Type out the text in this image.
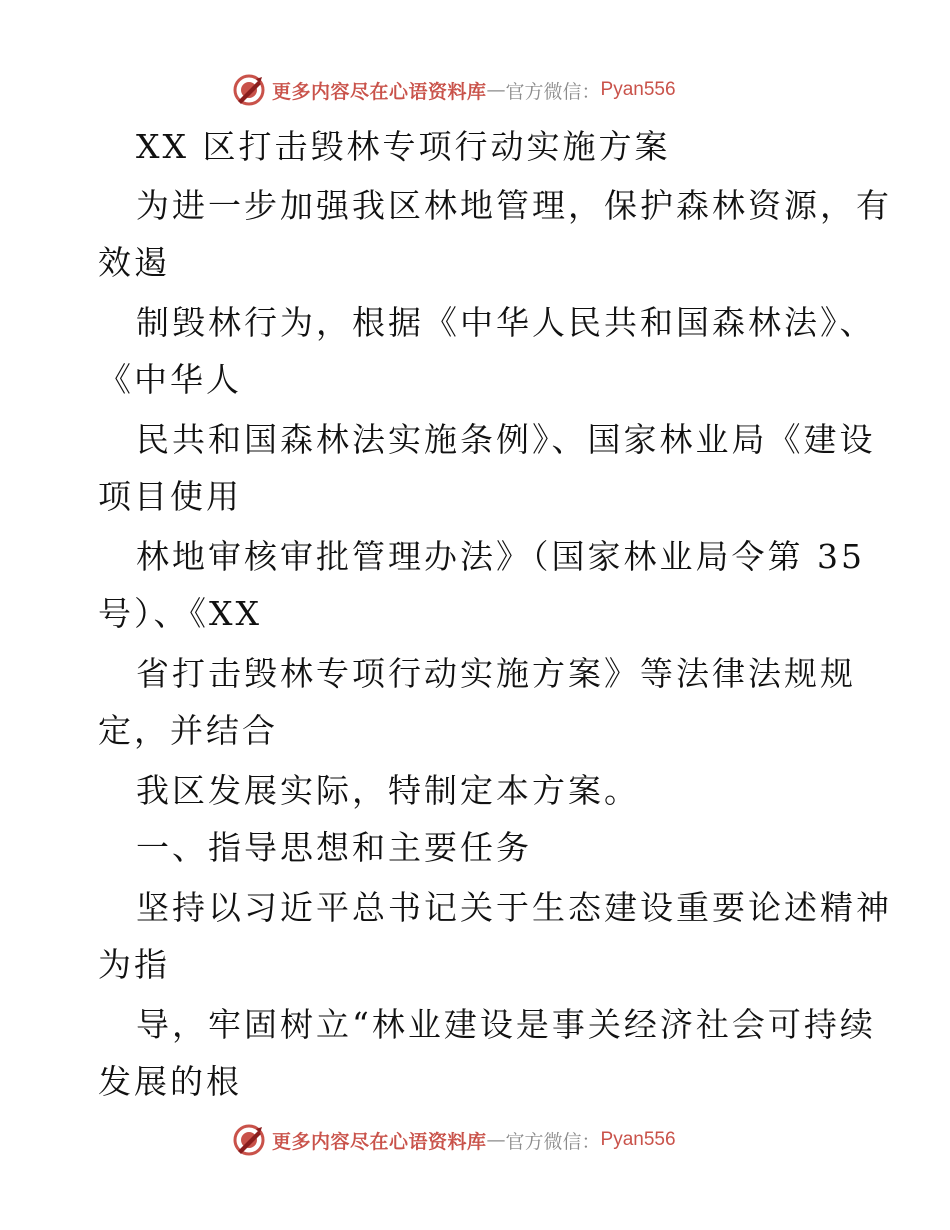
更多内容尽在心语资料库 — 官方微信： Pyan556
XX 区打击毁林专项行动实施方案
为进一步加强我区林地管理，保护森林资源，有
效遏
制毁林行为，根据《中华人民共和国森林法》、
《中华人
民共和国森林法实施条例》、国家林业局《建设
项目使用
林地审核审批管理办法》（国家林业局令第 35
号）、《XX
省打击毁林专项行动实施方案》等法律法规规
定，并结合
我区发展实际，特制定本方案。
一、指导思想和主要任务
坚持以习近平总书记关于生态建设重要论述精神
为指
导，牢固树立“林业建设是事关经济社会可持续
发展的根
更多内容尽在心语资料库 — 官方微信： Pyan556
